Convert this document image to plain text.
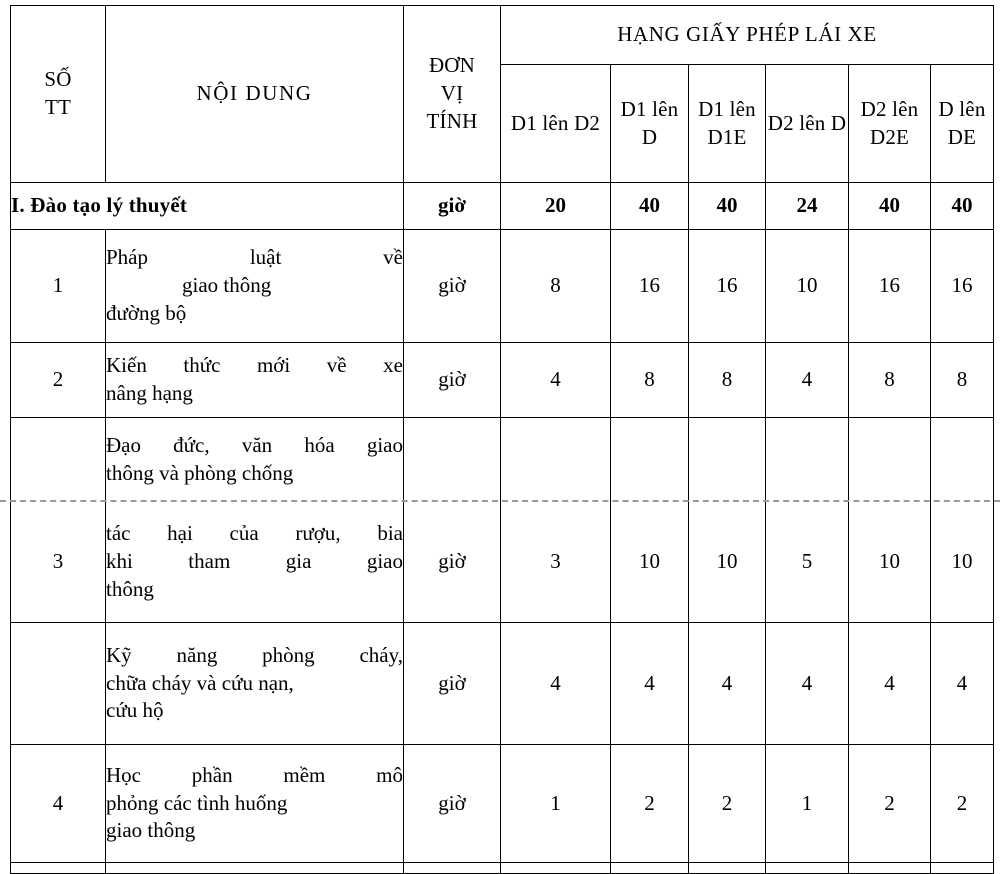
SỐ
TT	NỘI DUNG	ĐƠN
VỊ
TÍNH	HẠNG GIẤY PHÉP LÁI XE					
			D1 lên D2	D1 lên D	D1 lên D1E	D2 lên D	D2 lên D2E	D lên DE
I. Đào tạo lý thuyết		giờ	20	40	40	24	40	40
1	Pháp luật về
giao thông
đường bộ	giờ	8	16	16	10	16	16
2	Kiến thức mới về xe
nâng hạng	giờ	4	8	8	4	8	8

	Đạo đức, văn hóa giao
thông và phòng chống							

3	tác hại của rượu, bia
khi tham gia giao
thông	giờ	3	10	10	5	10	10

	Kỹ năng phòng cháy,
chữa cháy và cứu nạn,
cứu hộ	giờ	4	4	4	4	4	4
4	Học phần mềm mô
phỏng các tình huống
giao thông	giờ	1	2	2	1	2	2
